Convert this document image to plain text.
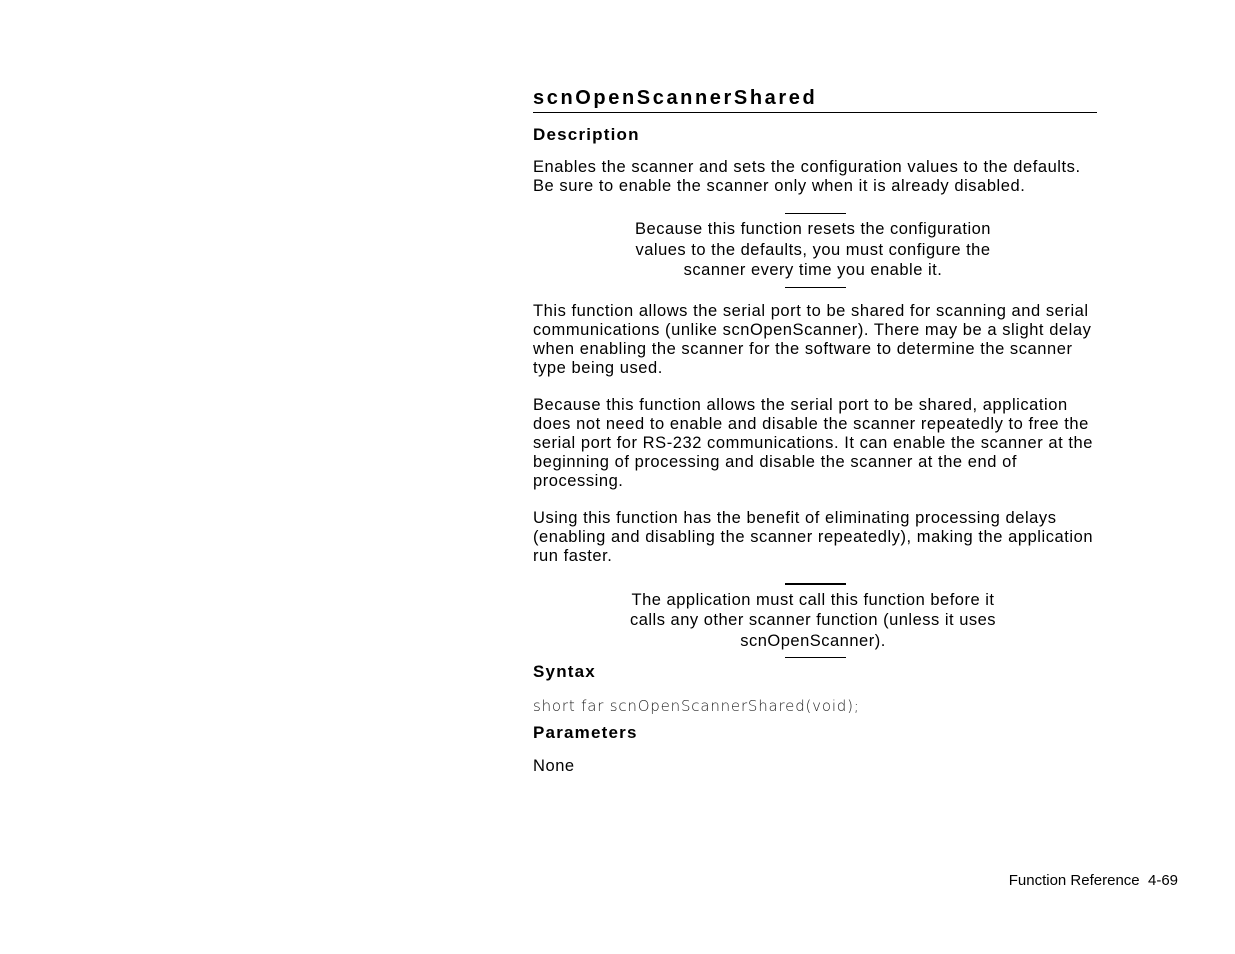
scnOpenScannerShared
Description

Enables the scanner and sets the configuration values to the defaults. Be sure to enable the scanner only when it is already disabled.

Because this function resets the configuration values to the defaults, you must configure the scanner every time you enable it.

This function allows the serial port to be shared for scanning and serial communications (unlike scnOpenScanner). There may be a slight delay when enabling the scanner for the software to determine the scanner type being used.

Because this function allows the serial port to be shared, application does not need to enable and disable the scanner repeatedly to free the serial port for RS-232 communications. It can enable the scanner at the beginning of processing and disable the scanner at the end of processing.

Using this function has the benefit of eliminating processing delays (enabling and disabling the scanner repeatedly), making the application run faster.

The application must call this function before it calls any other scanner function (unless it uses scnOpenScanner).
Syntax

short far scnOpenScannerShared(void);

Parameters

None

Function Reference  4-69
